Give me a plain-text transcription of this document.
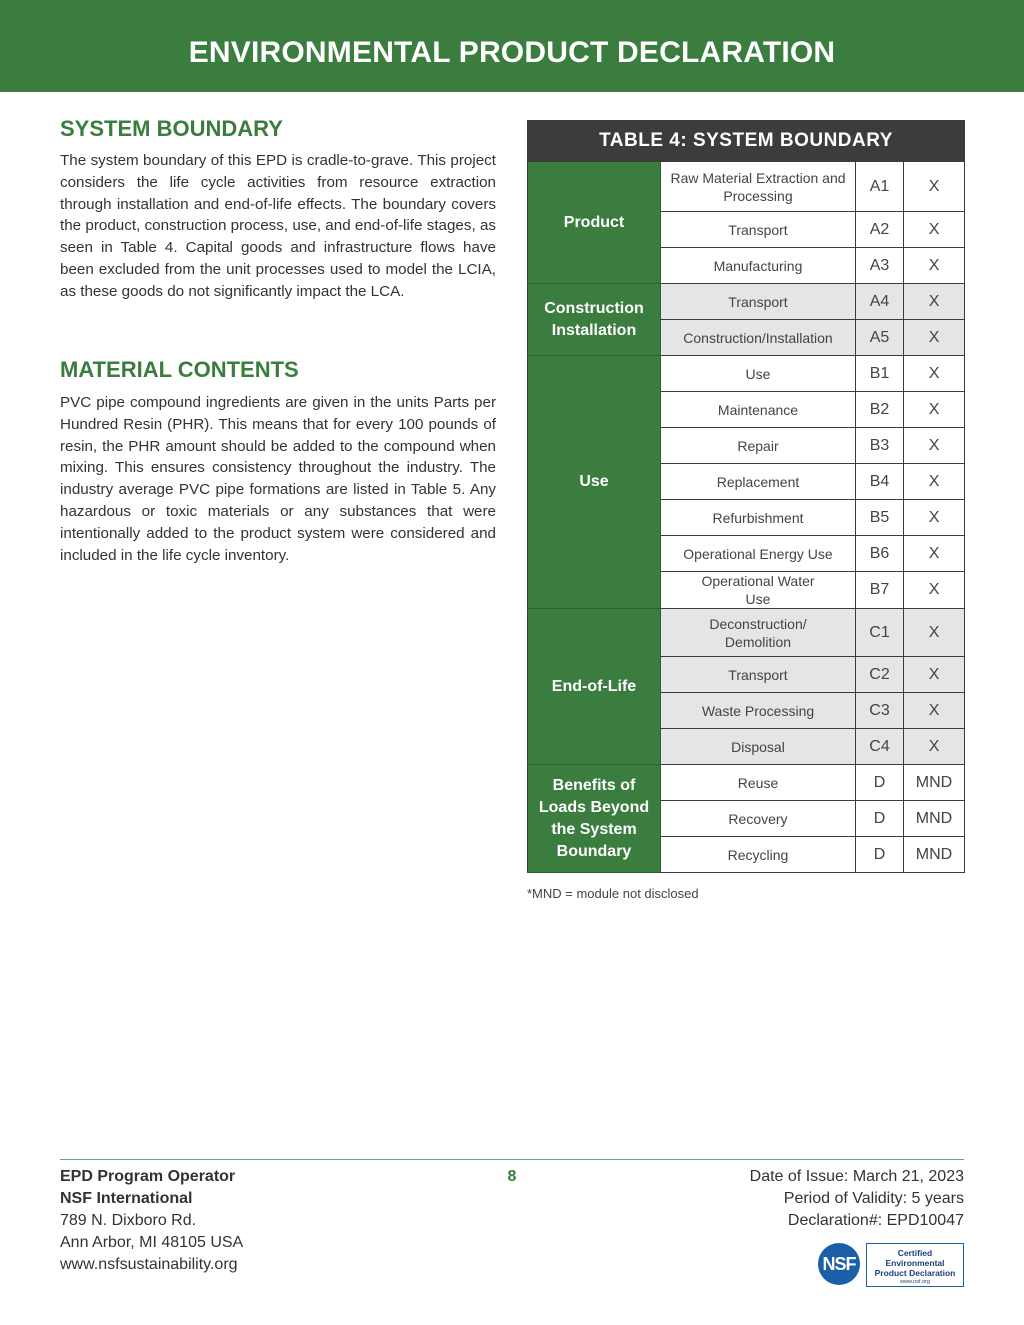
ENVIRONMENTAL PRODUCT DECLARATION
SYSTEM BOUNDARY

The system boundary of this EPD is cradle-to-grave. This project considers the life cycle activities from resource extraction through installation and end-of-life effects. The boundary covers the product, construction process, use, and end-of-life stages, as seen in Table 4. Capital goods and infrastructure flows have been excluded from the unit processes used to model the LCIA, as these goods do not significantly impact the LCA.

MATERIAL CONTENTS

PVC pipe compound ingredients are given in the units Parts per Hundred Resin (PHR). This means that for every 100 pounds of resin, the PHR amount should be added to the compound when mixing. This ensures consistency throughout the industry. The industry average PVC pipe formations are listed in Table 5. Any hazardous or toxic materials or any substances that were intentionally added to the product system were considered and included in the life cycle inventory.

TABLE 4: SYSTEM BOUNDARY			
Product	Raw Material Extraction and Processing	A1	X
	Transport	A2	X
	Manufacturing	A3	X
Construction Installation	Transport	A4	X
	Construction/Installation	A5	X
Use	Use	B1	X
	Maintenance	B2	X
	Repair	B3	X
	Replacement	B4	X
	Refurbishment	B5	X
	Operational Energy Use	B6	X
	Operational Water Use	B7	X
End-of-Life	Deconstruction/ Demolition	C1	X
	Transport	C2	X
	Waste Processing	C3	X
	Disposal	C4	X
Benefits of Loads Beyond the System Boundary	Reuse	D	MND
	Recovery	D	MND
	Recycling	D	MND

*MND = module not disclosed

EPD Program Operator
NSF International
789 N. Dixboro Rd.
Ann Arbor, MI 48105 USA
www.nsfsustainability.org
8	Date of Issue: March 21, 2023
Period of Validity: 5 years
Declaration#: EPD10047
NSF
Certified
Environmental
Product Declaration
www.nsf.org
